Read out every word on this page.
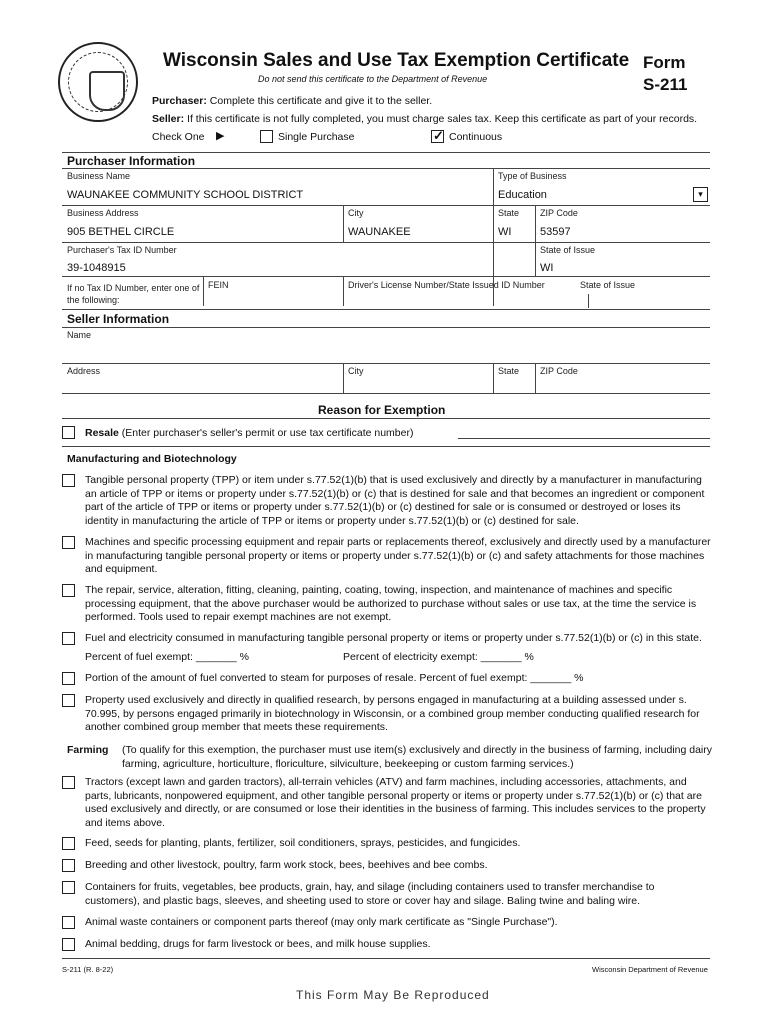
Wisconsin Sales and Use Tax Exemption Certificate
Do not send this certificate to the Department of Revenue
Form
S-211
Purchaser: Complete this certificate and give it to the seller.
Seller: If this certificate is not fully completed, you must charge sales tax. Keep this certificate as part of your records.
Check One ▶	Single Purchase
✓	Continuous
Purchaser Information
Business Name
WAUNAKEE COMMUNITY SCHOOL DISTRICT
Type of Business
Education	▾
Business Address
905 BETHEL CIRCLE
City
WAUNAKEE
State
WI
ZIP Code
53597
Purchaser's Tax ID Number
39-1048915
State of Issue
WI
If no Tax ID Number, enter one of the following:
FEIN	Driver's License Number/State Issued ID Number	State of Issue
Seller Information
Name
Address	City	State ZIP Code
Reason for Exemption
Resale (Enter purchaser's seller's permit or use tax certificate number)
Manufacturing and Biotechnology
Tangible personal property (TPP) or item under s.77.52(1)(b) that is used exclusively and directly by a manufacturer in manufacturing an article of TPP or items or property under s.77.52(1)(b) or (c) that is destined for sale and that becomes an ingredient or component part of the article of TPP or items or property under s.77.52(1)(b) or (c) destined for sale or is consumed or destroyed or loses its identity in manufacturing the article of TPP or items or property under s.77.52(1)(b) or (c) destined for sale.
Machines and specific processing equipment and repair parts or replacements thereof, exclusively and directly used by a manufacturer in manufacturing tangible personal property or items or property under s.77.52(1)(b) or (c) and safety attachments for those machines and equipment.
The repair, service, alteration, fitting, cleaning, painting, coating, towing, inspection, and maintenance of machines and specific processing equipment, that the above purchaser would be authorized to purchase without sales or use tax, at the time the service is performed. Tools used to repair exempt machines are not exempt.
Fuel and electricity consumed in manufacturing tangible personal property or items or property under s.77.52(1)(b) or (c) in this state.
Percent of fuel exempt: _______ %	Percent of electricity exempt: _______ %
Portion of the amount of fuel converted to steam for purposes of resale. Percent of fuel exempt: _______ %
Property used exclusively and directly in qualified research, by persons engaged in manufacturing at a building assessed under s. 70.995, by persons engaged primarily in biotechnology in Wisconsin, or a combined group member conducting qualified research for another combined group member that meets these requirements.
Farming (To qualify for this exemption, the purchaser must use item(s) exclusively and directly in the business of farming, including dairy farming, agriculture, horticulture, floriculture, silviculture, beekeeping or custom farming services.)
Tractors (except lawn and garden tractors), all-terrain vehicles (ATV) and farm machines, including accessories, attachments, and parts, lubricants, nonpowered equipment, and other tangible personal property or items or property under s.77.52(1)(b) or (c) that are used exclusively and directly, or are consumed or lose their identities in the business of farming. This includes services to the property and items above.
Feed, seeds for planting, plants, fertilizer, soil conditioners, sprays, pesticides, and fungicides.
Breeding and other livestock, poultry, farm work stock, bees, beehives and bee combs.
Containers for fruits, vegetables, bee products, grain, hay, and silage (including containers used to transfer merchandise to customers), and plastic bags, sleeves, and sheeting used to store or cover hay and silage. Baling twine and baling wire.
Animal waste containers or component parts thereof (may only mark certificate as "Single Purchase").
Animal bedding, drugs for farm livestock or bees, and milk house supplies.
S-211 (R. 8-22)
This Form May Be Reproduced
Wisconsin Department of Revenue
